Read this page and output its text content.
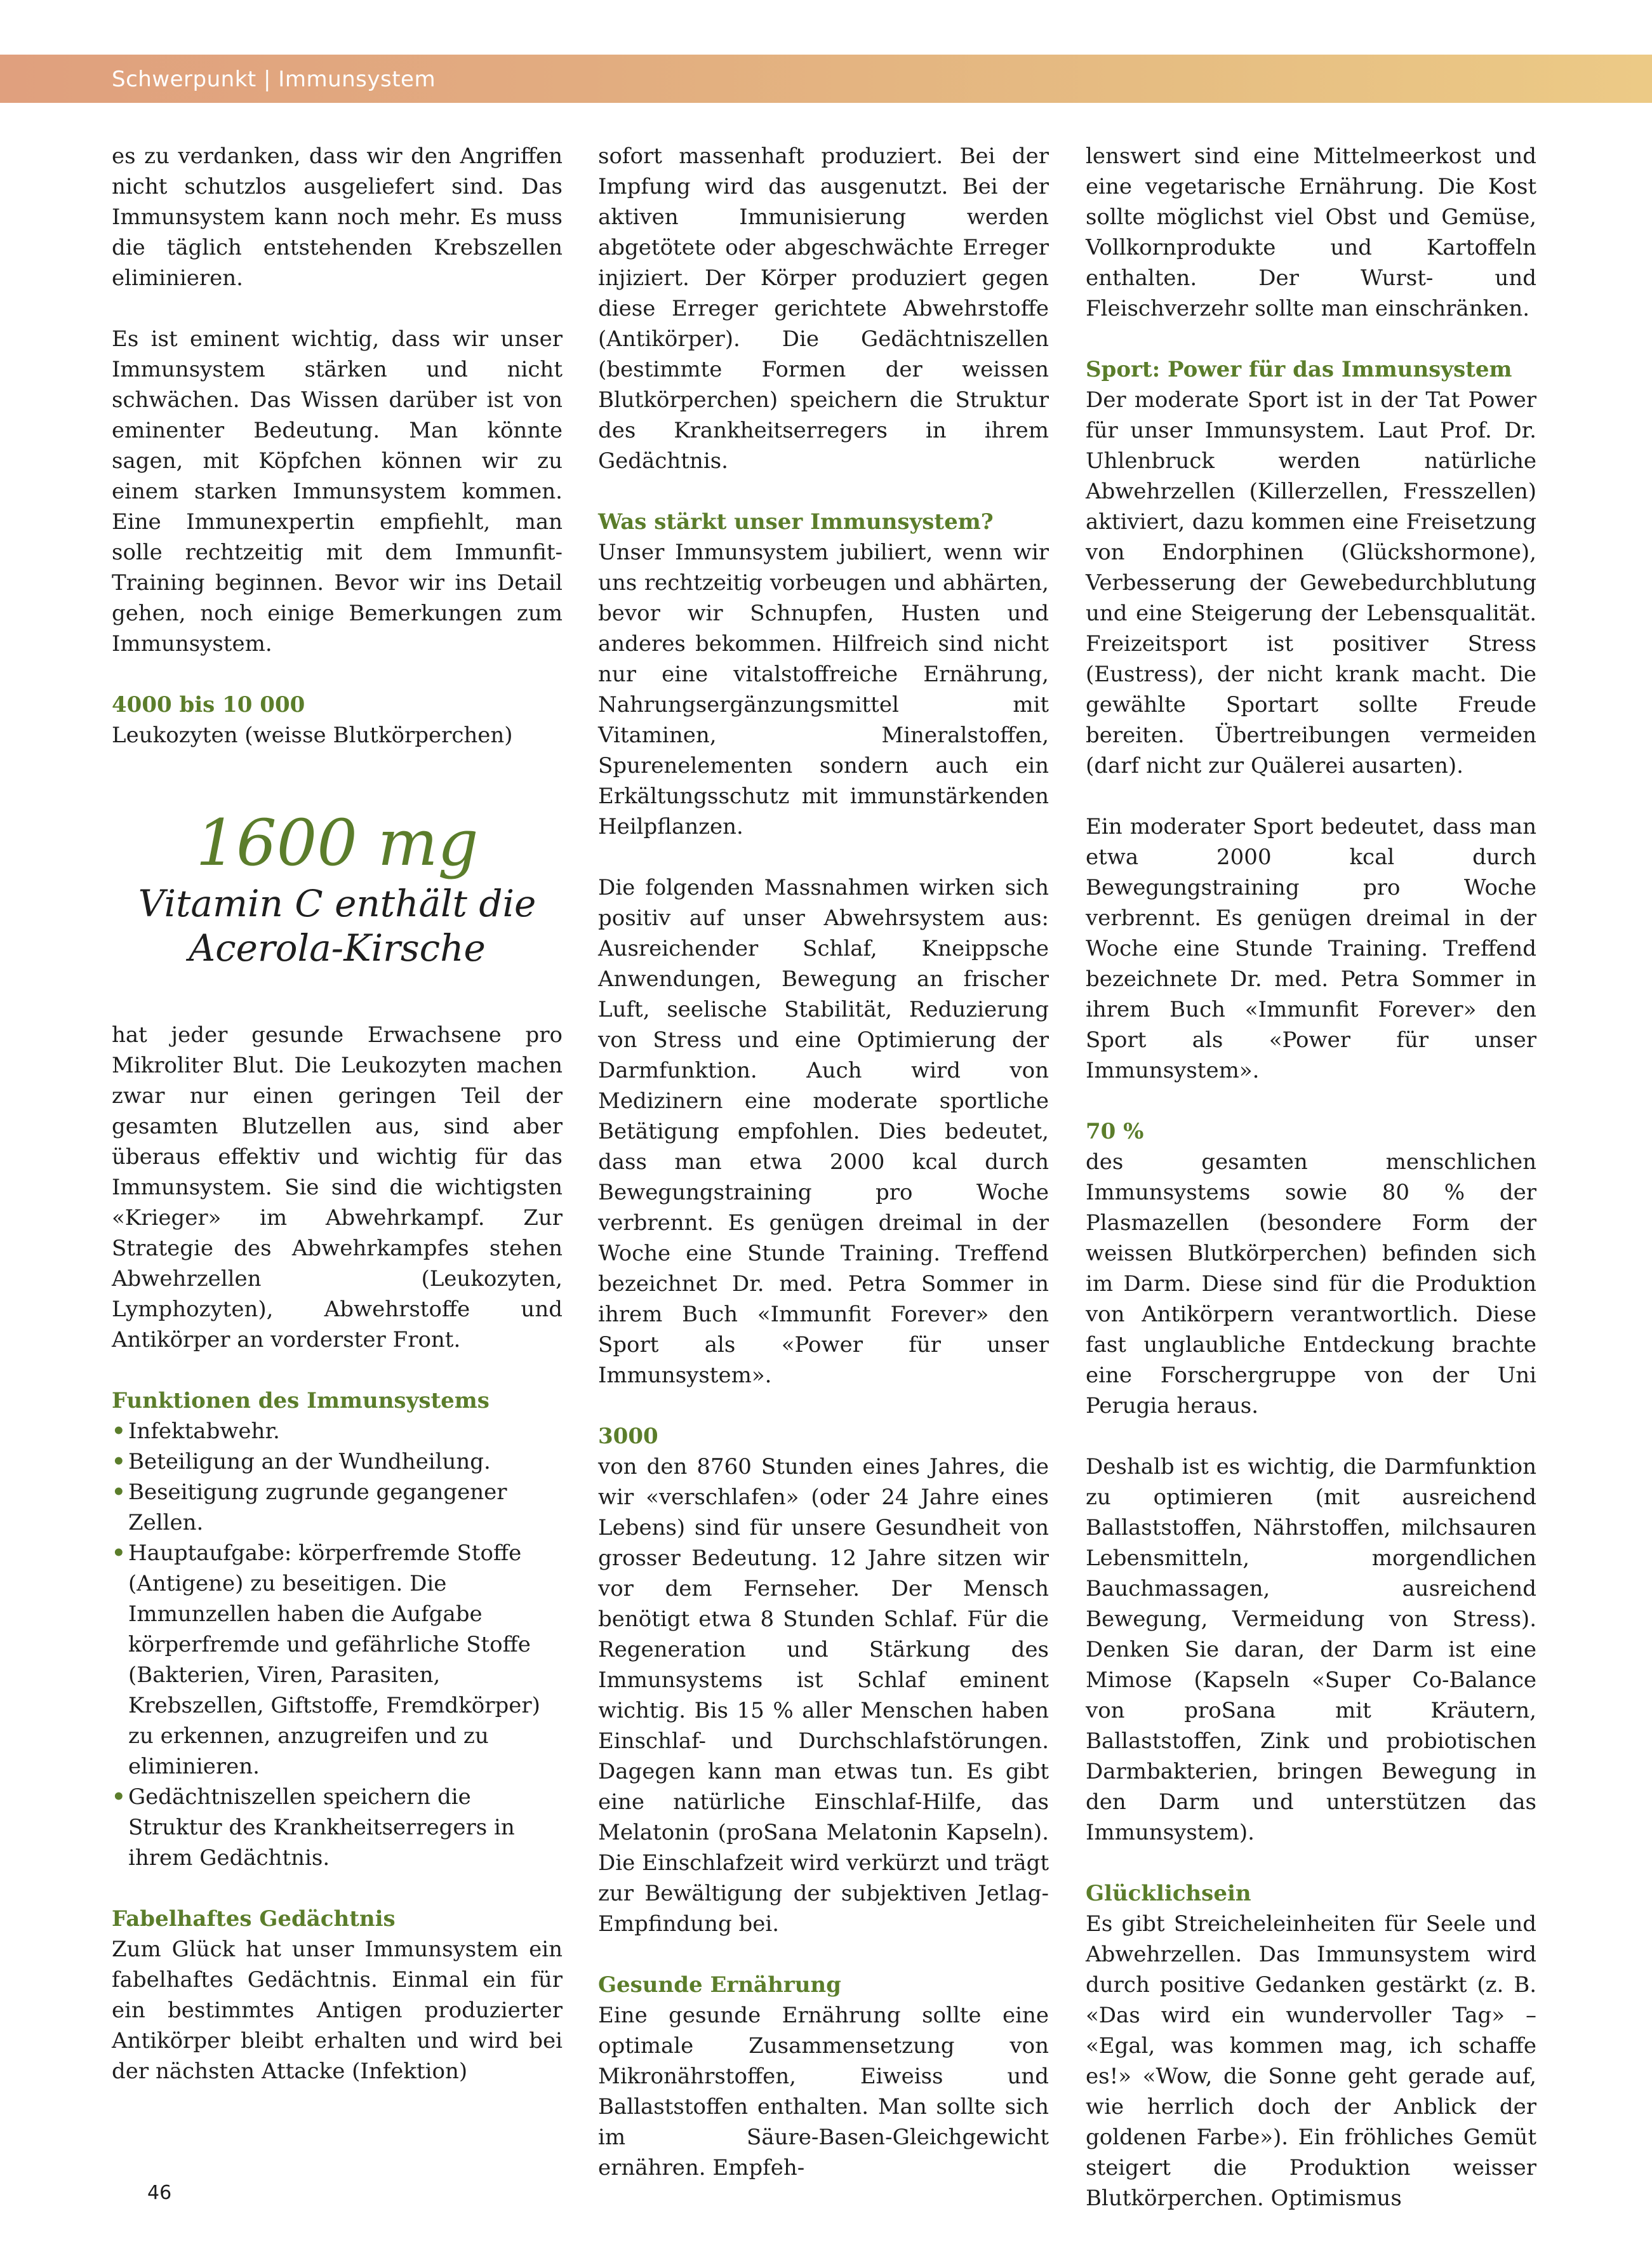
Schwerpunkt | Immunsystem

es zu verdanken, dass wir den Angriffen nicht schutzlos ausgeliefert sind. Das Immunsystem kann noch mehr. Es muss die täglich entstehenden Krebszellen eliminieren.

Es ist eminent wichtig, dass wir unser Immunsystem stärken und nicht schwächen. Das Wissen darüber ist von eminenter Bedeutung. Man könnte sagen, mit Köpfchen können wir zu einem starken Immunsystem kommen. Eine Immunexpertin empfiehlt, man solle rechtzeitig mit dem Immunfit-Training beginnen. Bevor wir ins Detail gehen, noch einige Bemerkungen zum Immunsystem.

4000 bis 10 000

Leukozyten (weisse Blutkörperchen)

1600 mg
Vitamin C enthält die Acerola-Kirsche

hat jeder gesunde Erwachsene pro Mikroliter Blut. Die Leukozyten machen zwar nur einen geringen Teil der gesamten Blutzellen aus, sind aber überaus effektiv und wichtig für das Immunsystem. Sie sind die wichtigsten «Krieger» im Abwehrkampf. Zur Strategie des Abwehrkampfes stehen Abwehrzellen (Leukozyten, Lymphozyten), Abwehrstoffe und Antikörper an vorderster Front.

Funktionen des Immunsystems
• Infektabwehr.
• Beteiligung an der Wundheilung.
• Beseitigung zugrunde gegangener Zellen.
• Hauptaufgabe: körperfremde Stoffe (Antigene) zu beseitigen. Die Immunzellen haben die Aufgabe körperfremde und gefährliche Stoffe (Bakterien, Viren, Parasiten, Krebszellen, Giftstoffe, Fremdkörper) zu erkennen, anzugreifen und zu eliminieren.
• Gedächtniszellen speichern die Struktur des Krankheitserregers in ihrem Gedächtnis.
Fabelhaftes Gedächtnis

Zum Glück hat unser Immunsystem ein fabelhaftes Gedächtnis. Einmal ein für ein bestimmtes Antigen produzierter Antikörper bleibt erhalten und wird bei der nächsten Attacke (Infektion)

sofort massenhaft produziert. Bei der Impfung wird das ausgenutzt. Bei der aktiven Immunisierung werden abgetötete oder abgeschwächte Erreger injiziert. Der Körper produziert gegen diese Erreger gerichtete Abwehrstoffe (Antikörper). Die Gedächtniszellen (bestimmte Formen der weissen Blutkörperchen) speichern die Struktur des Krankheitserregers in ihrem Gedächtnis.

Was stärkt unser Immunsystem?

Unser Immunsystem jubiliert, wenn wir uns rechtzeitig vorbeugen und abhärten, bevor wir Schnupfen, Husten und anderes bekommen. Hilfreich sind nicht nur eine vitalstoffreiche Ernährung, Nahrungsergänzungsmittel mit Vitaminen, Mineralstoffen, Spurenelementen sondern auch ein Erkältungsschutz mit immunstärkenden Heilpflanzen.

Die folgenden Massnahmen wirken sich positiv auf unser Abwehrsystem aus: Ausreichender Schlaf, Kneippsche Anwendungen, Bewegung an frischer Luft, seelische Stabilität, Reduzierung von Stress und eine Optimierung der Darmfunktion. Auch wird von Medizinern eine moderate sportliche Betätigung empfohlen. Dies bedeutet, dass man etwa 2000 kcal durch Bewegungstraining pro Woche verbrennt. Es genügen dreimal in der Woche eine Stunde Training. Treffend bezeichnet Dr. med. Petra Sommer in ihrem Buch «Immunfit Forever» den Sport als «Power für unser Immunsystem».

3000

von den 8760 Stunden eines Jahres, die wir «verschlafen» (oder 24 Jahre eines Lebens) sind für unsere Gesundheit von grosser Bedeutung. 12 Jahre sitzen wir vor dem Fernseher. Der Mensch benötigt etwa 8 Stunden Schlaf. Für die Regeneration und Stärkung des Immunsystems ist Schlaf eminent wichtig. Bis 15 % aller Menschen haben Einschlaf- und Durchschlafstörungen. Dagegen kann man etwas tun. Es gibt eine natürliche Einschlaf-Hilfe, das Melatonin (proSana Melatonin Kapseln). Die Einschlafzeit wird verkürzt und trägt zur Bewältigung der subjektiven Jetlag-Empfindung bei.

Gesunde Ernährung

Eine gesunde Ernährung sollte eine optimale Zusammensetzung von Mikronährstoffen, Eiweiss und Ballaststoffen enthalten. Man sollte sich im Säure-Basen-Gleichgewicht ernähren. Empfeh-

lenswert sind eine Mittelmeerkost und eine vegetarische Ernährung. Die Kost sollte möglichst viel Obst und Gemüse, Vollkornprodukte und Kartoffeln enthalten. Der Wurst- und Fleischverzehr sollte man einschränken.

Sport: Power für das Immunsystem

Der moderate Sport ist in der Tat Power für unser Immunsystem. Laut Prof. Dr. Uhlenbruck werden natürliche Abwehrzellen (Killerzellen, Fresszellen) aktiviert, dazu kommen eine Freisetzung von Endorphinen (Glückshormone), Verbesserung der Gewebedurchblutung und eine Steigerung der Lebensqualität. Freizeitsport ist positiver Stress (Eustress), der nicht krank macht. Die gewählte Sportart sollte Freude bereiten. Übertreibungen vermeiden (darf nicht zur Quälerei ausarten).

Ein moderater Sport bedeutet, dass man etwa 2000 kcal durch Bewegungstraining pro Woche verbrennt. Es genügen dreimal in der Woche eine Stunde Training. Treffend bezeichnete Dr. med. Petra Sommer in ihrem Buch «Immunfit Forever» den Sport als «Power für unser Immunsystem».

70 %

des gesamten menschlichen Immunsystems sowie 80 % der Plasmazellen (besondere Form der weissen Blutkörperchen) befinden sich im Darm. Diese sind für die Produktion von Antikörpern verantwortlich. Diese fast unglaubliche Entdeckung brachte eine Forschergruppe von der Uni Perugia heraus.

Deshalb ist es wichtig, die Darmfunktion zu optimieren (mit ausreichend Ballaststoffen, Nährstoffen, milchsauren Lebensmitteln, morgendlichen Bauchmassagen, ausreichend Bewegung, Vermeidung von Stress). Denken Sie daran, der Darm ist eine Mimose (Kapseln «Super Co-Balance von proSana mit Kräutern, Ballaststoffen, Zink und probiotischen Darmbakterien, bringen Bewegung in den Darm und unterstützen das Immunsystem).

Glücklichsein

Es gibt Streicheleinheiten für Seele und Abwehrzellen. Das Immunsystem wird durch positive Gedanken gestärkt (z. B. «Das wird ein wundervoller Tag» – «Egal, was kommen mag, ich schaffe es!» «Wow, die Sonne geht gerade auf, wie herrlich doch der Anblick der goldenen Farbe»). Ein fröhliches Gemüt steigert die Produktion weisser Blutkörperchen. Optimismus

46
